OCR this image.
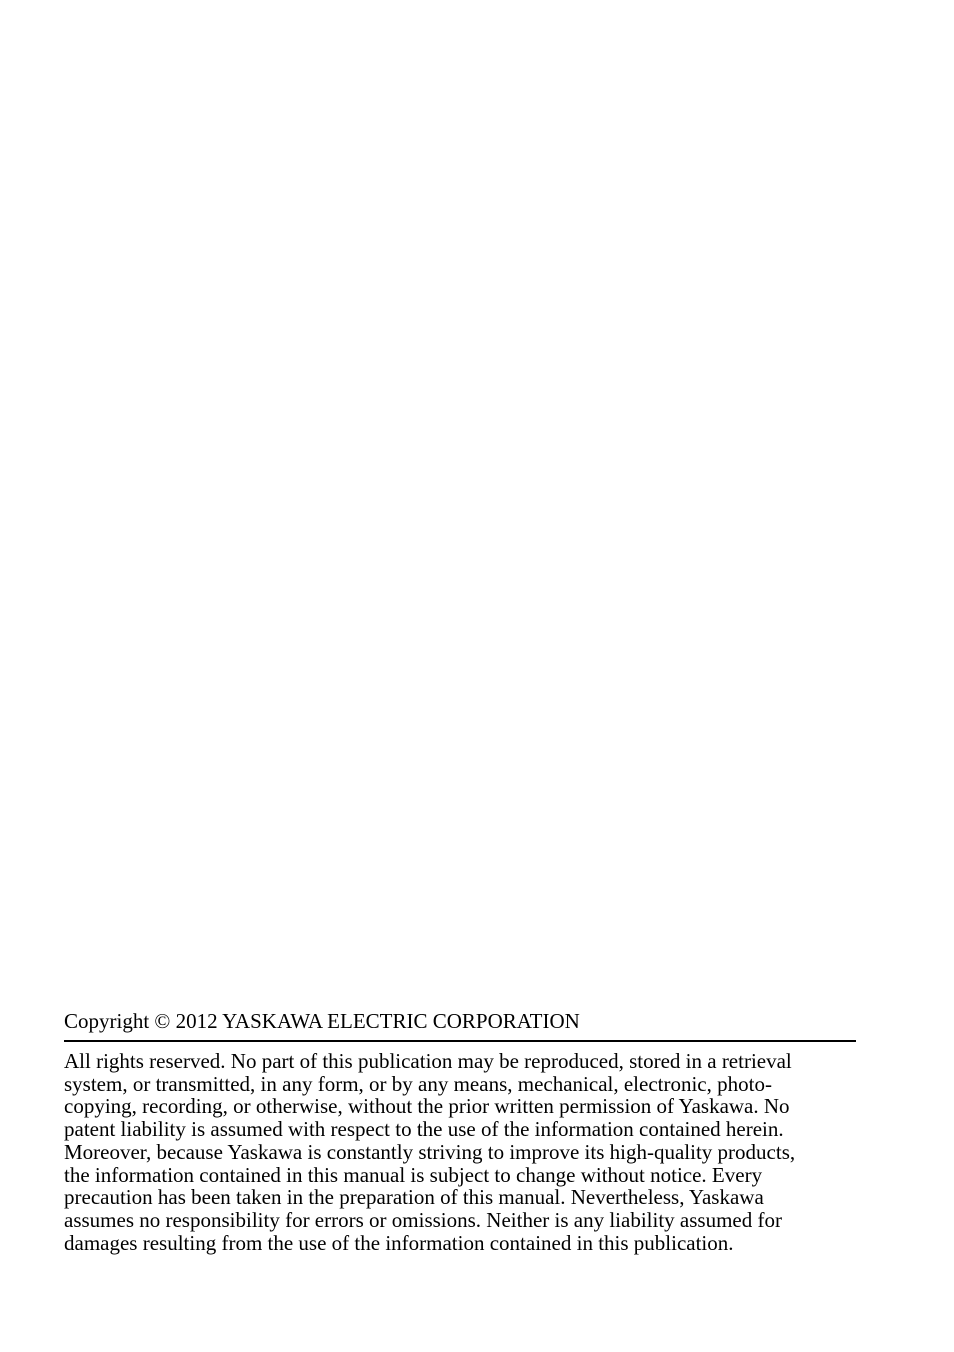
Copyright © 2012 YASKAWA ELECTRIC CORPORATION

All rights reserved. No part of this publication may be reproduced, stored in a retrieval
system, or transmitted, in any form, or by any means, mechanical, electronic, photo-
copying, recording, or otherwise, without the prior written permission of Yaskawa. No
patent liability is assumed with respect to the use of the information contained herein.
Moreover, because Yaskawa is constantly striving to improve its high-quality products,
the information contained in this manual is subject to change without notice. Every
precaution has been taken in the preparation of this manual. Nevertheless, Yaskawa
assumes no responsibility for errors or omissions. Neither is any liability assumed for
damages resulting from the use of the information contained in this publication.
